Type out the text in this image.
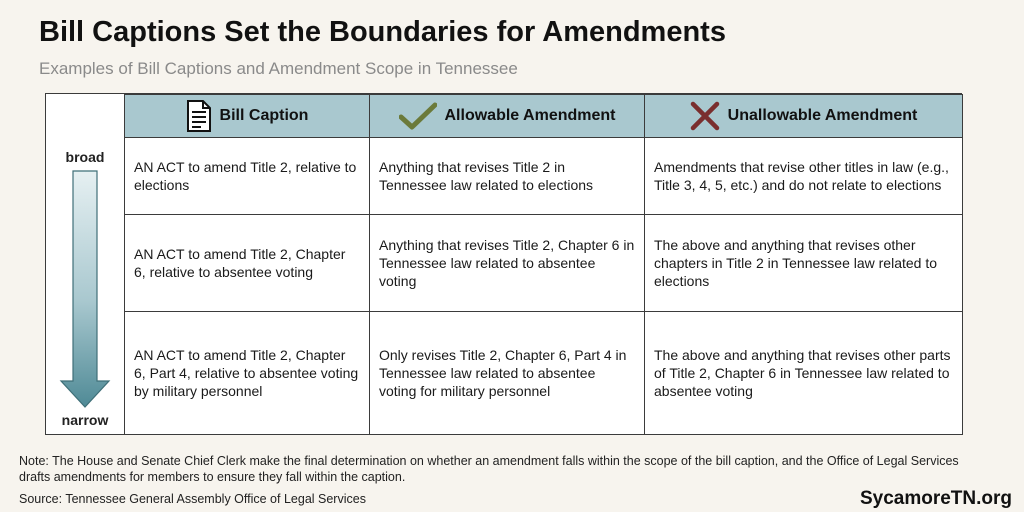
Bill Captions Set the Boundaries for Amendments
Examples of Bill Captions and Amendment Scope in Tennessee
broad
narrow
Bill Caption	Allowable Amendment	Unallowable Amendment

AN ACT to amend Title 2, relative to elections	Anything that revises Title 2 in Tennessee law related to elections	Amendments that revise other titles in law (e.g., Title 3, 4, 5, etc.) and do not relate to elections
AN ACT to amend Title 2, Chapter 6, relative to absentee voting	Anything that revises Title 2, Chapter 6 in Tennessee law related to absentee voting	The above and anything that revises other chapters in Title 2 in Tennessee law related to elections
AN ACT to amend Title 2, Chapter 6, Part 4, relative to absentee voting by military personnel	Only revises Title 2, Chapter 6, Part 4 in Tennessee law related to absentee voting for military personnel	The above and anything that revises other parts of Title 2, Chapter 6 in Tennessee law related to absentee voting
Note: The House and Senate Chief Clerk make the final determination on whether an amendment falls within the scope of the bill caption, and the Office of Legal Services drafts amendments for members to ensure they fall within the caption.
Source: Tennessee General Assembly Office of Legal Services	SycamoreTN.org
